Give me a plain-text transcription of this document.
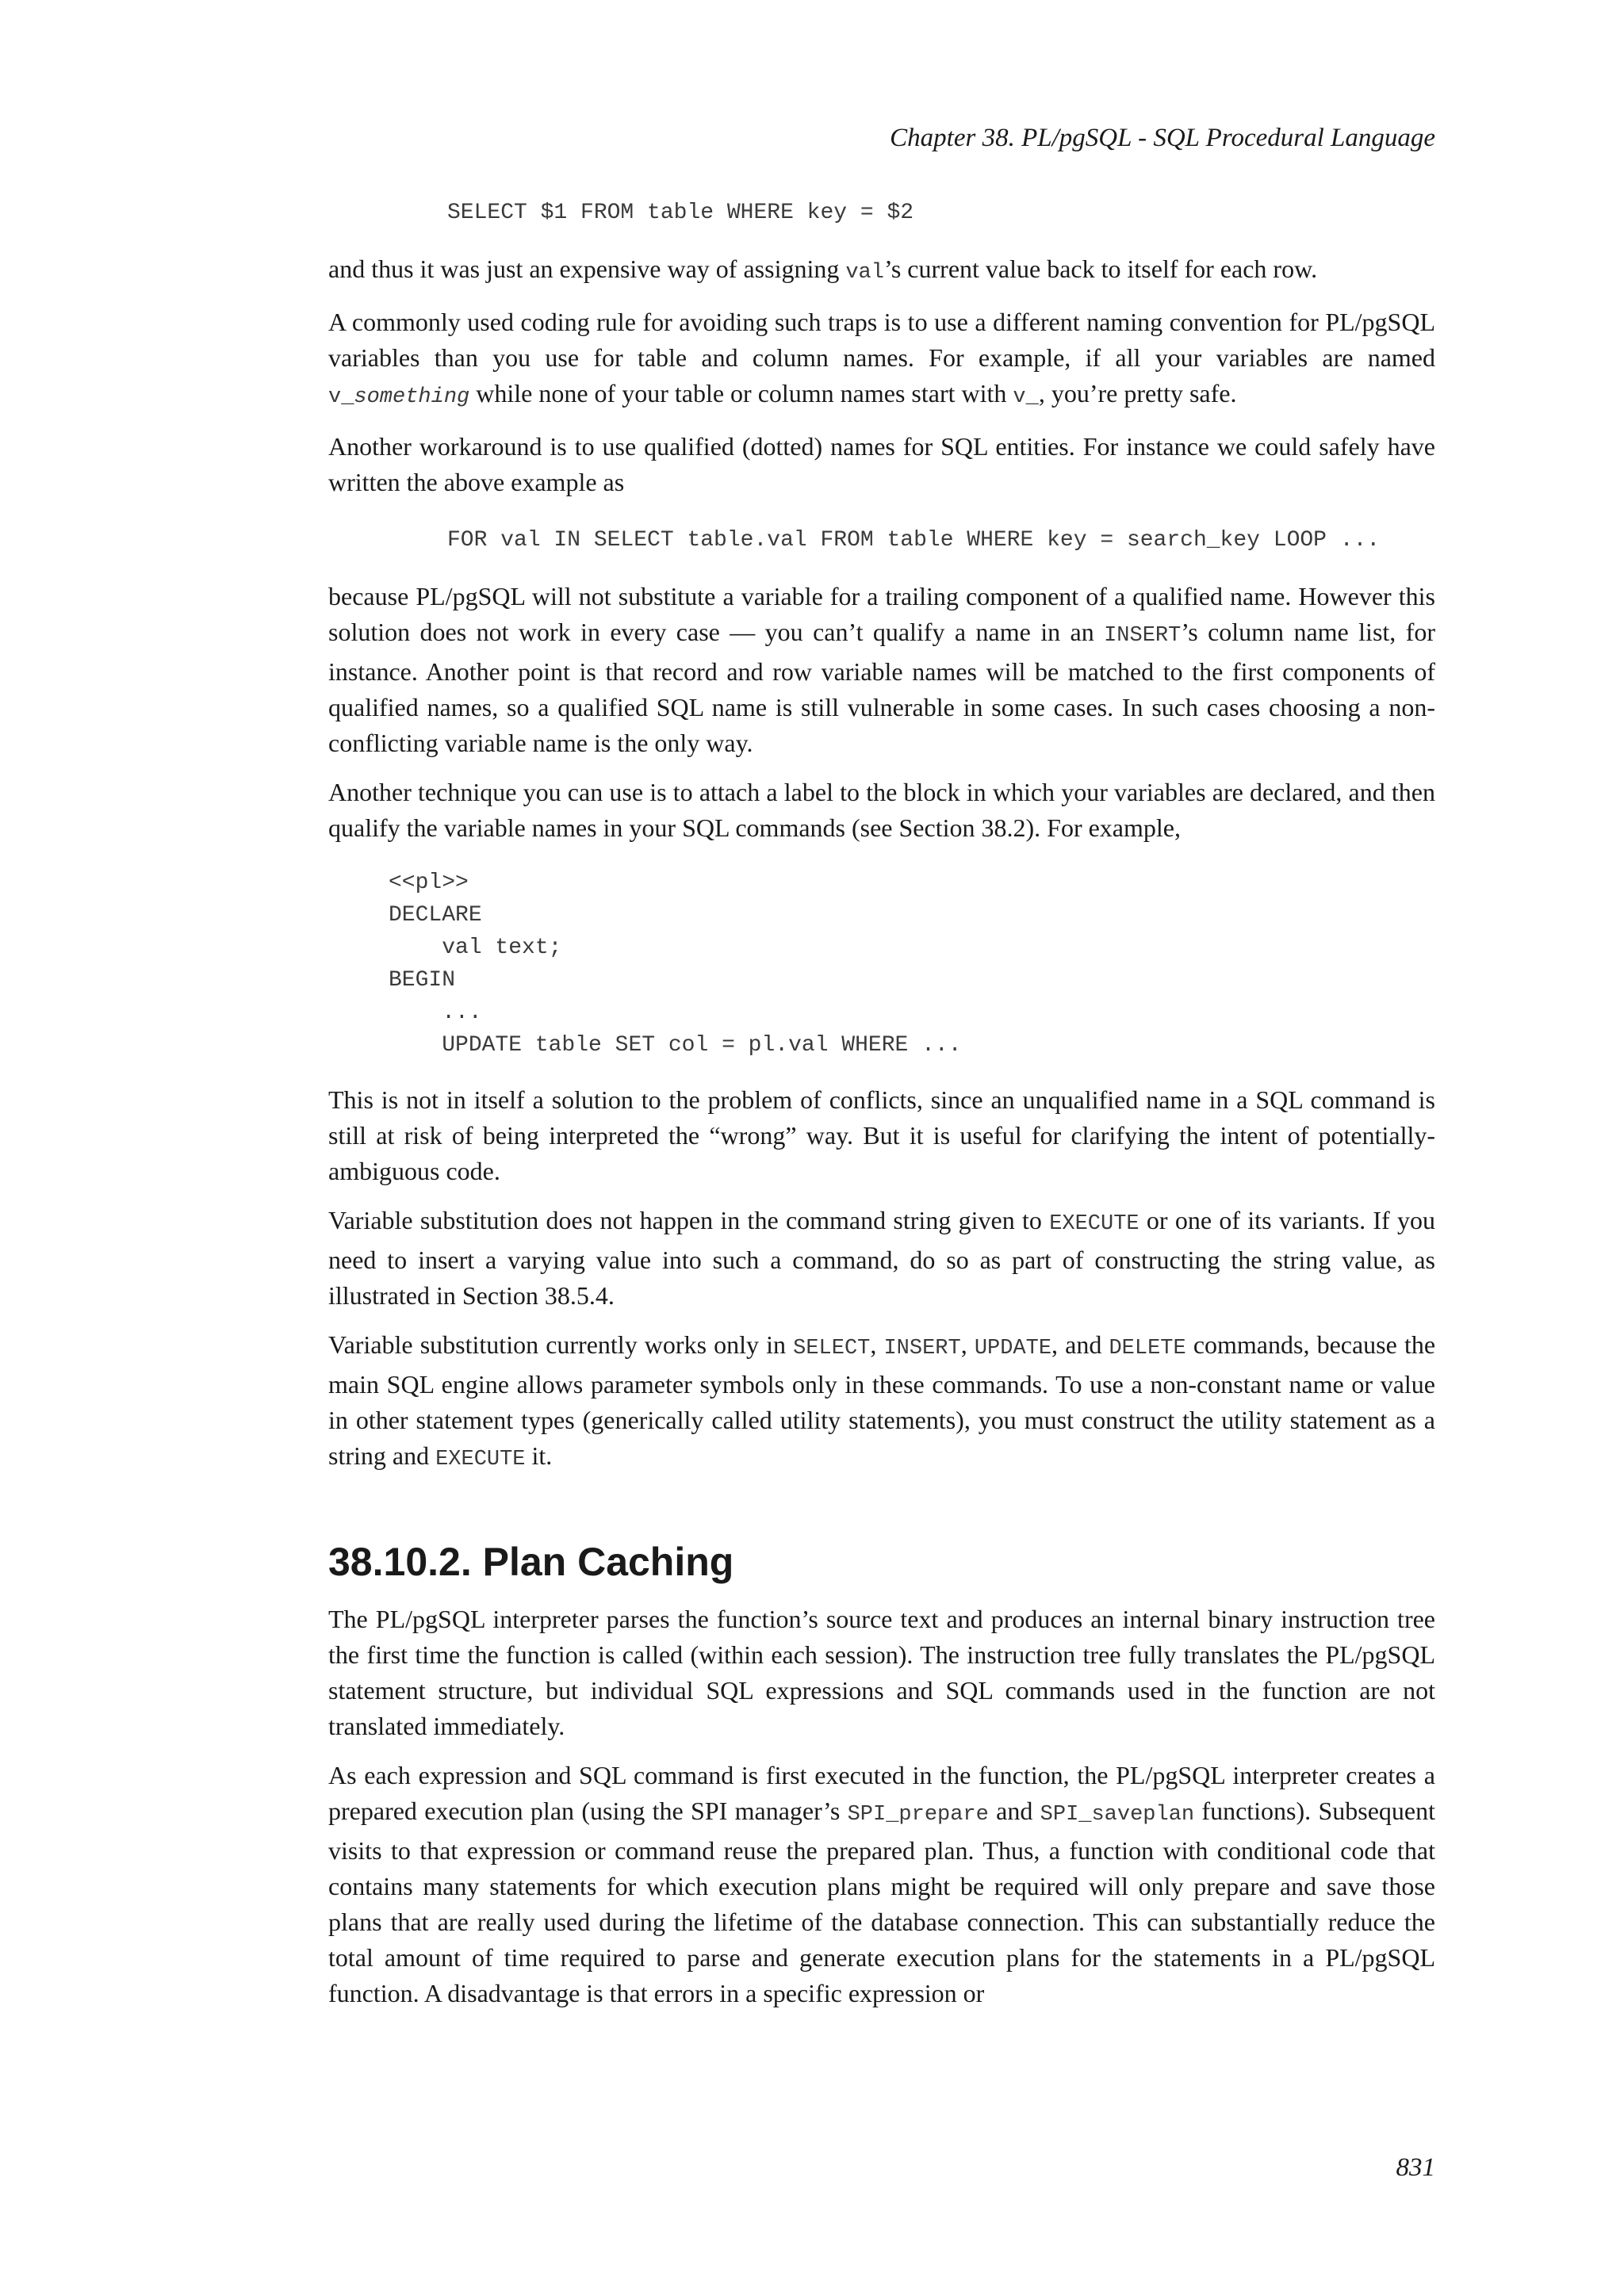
Chapter 38. PL/pgSQL - SQL Procedural Language
SELECT $1 FROM table WHERE key = $2

and thus it was just an expensive way of assigning val’s current value back to itself for each row.

A commonly used coding rule for avoiding such traps is to use a different naming convention for PL/pgSQL variables than you use for table and column names. For example, if all your variables are named v_something while none of your table or column names start with v_, you’re pretty safe.

Another workaround is to use qualified (dotted) names for SQL entities. For instance we could safely have written the above example as

FOR val IN SELECT table.val FROM table WHERE key = search_key LOOP ...

because PL/pgSQL will not substitute a variable for a trailing component of a qualified name. However this solution does not work in every case — you can’t qualify a name in an INSERT’s column name list, for instance. Another point is that record and row variable names will be matched to the first components of qualified names, so a qualified SQL name is still vulnerable in some cases. In such cases choosing a non-conflicting variable name is the only way.

Another technique you can use is to attach a label to the block in which your variables are declared, and then qualify the variable names in your SQL commands (see Section 38.2). For example,

<<pl>>
DECLARE
val text;
BEGIN
...
UPDATE table SET col = pl.val WHERE ...

This is not in itself a solution to the problem of conflicts, since an unqualified name in a SQL command is still at risk of being interpreted the “wrong” way. But it is useful for clarifying the intent of potentially-ambiguous code.

Variable substitution does not happen in the command string given to EXECUTE or one of its variants. If you need to insert a varying value into such a command, do so as part of constructing the string value, as illustrated in Section 38.5.4.

Variable substitution currently works only in SELECT, INSERT, UPDATE, and DELETE commands, because the main SQL engine allows parameter symbols only in these commands. To use a non-constant name or value in other statement types (generically called utility statements), you must construct the utility statement as a string and EXECUTE it.

38.10.2. Plan Caching

The PL/pgSQL interpreter parses the function’s source text and produces an internal binary instruction tree the first time the function is called (within each session). The instruction tree fully translates the PL/pgSQL statement structure, but individual SQL expressions and SQL commands used in the function are not translated immediately.

As each expression and SQL command is first executed in the function, the PL/pgSQL interpreter creates a prepared execution plan (using the SPI manager’s SPI_prepare and SPI_saveplan functions). Subsequent visits to that expression or command reuse the prepared plan. Thus, a function with conditional code that contains many statements for which execution plans might be required will only prepare and save those plans that are really used during the lifetime of the database connection. This can substantially reduce the total amount of time required to parse and generate execution plans for the statements in a PL/pgSQL function. A disadvantage is that errors in a specific expression or

831
